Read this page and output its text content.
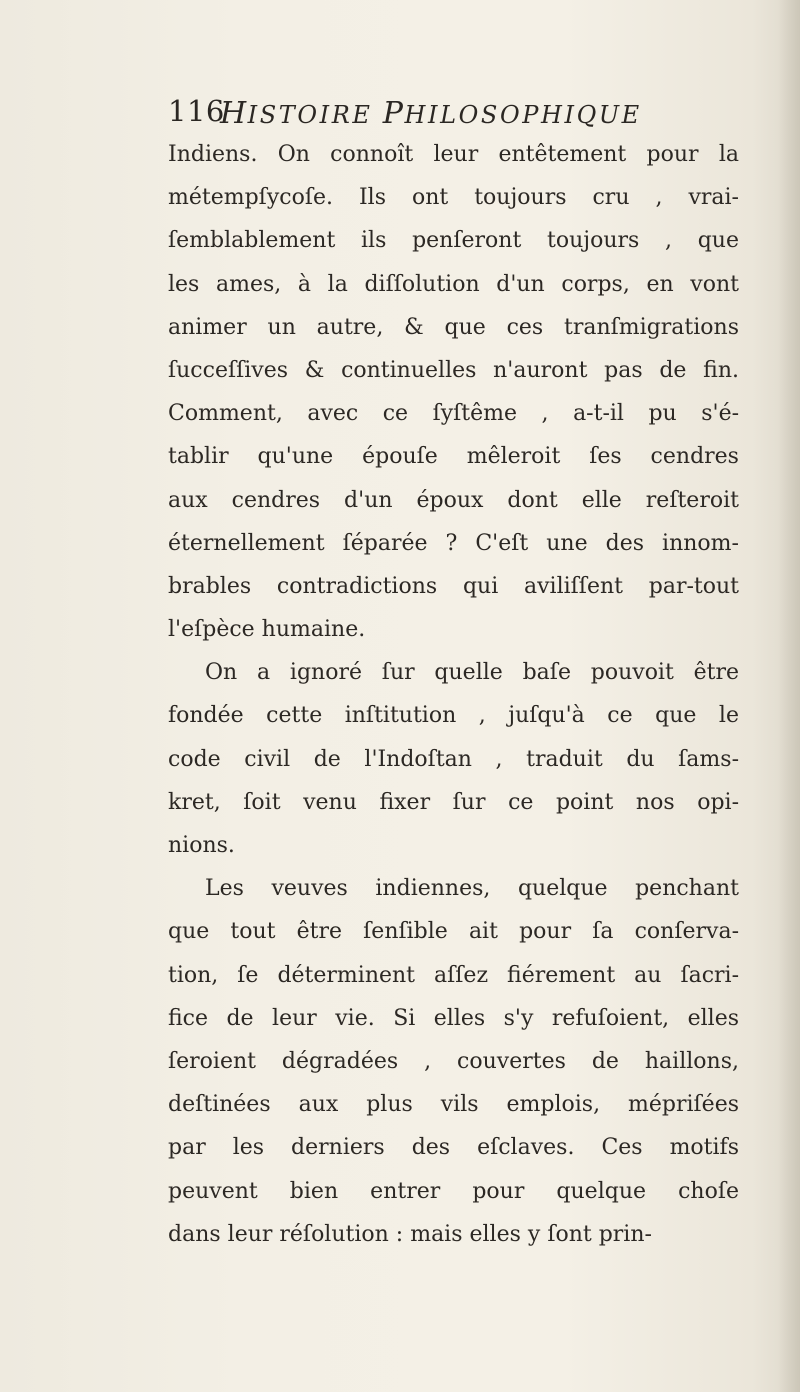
116
HISTOIRE PHILOSOPHIQUE
Indiens. On connoît leur entêtement pour la
métempſycoſe. Ils ont toujours cru , vrai-
ſemblablement ils penſeront toujours , que
les ames, à la diſſolution d'un corps, en vont
animer un autre, & que ces tranſmigrations
ſucceſſives & continuelles n'auront pas de fin.
Comment, avec ce ſyſtême , a-t-il pu s'é-
tablir qu'une épouſe mêleroit ſes cendres
aux cendres d'un époux dont elle reſteroit
éternellement ſéparée ? C'eſt une des innom-
brables contradictions qui aviliſſent par-tout
l'eſpèce humaine.
On a ignoré ſur quelle baſe pouvoit être
fondée cette inſtitution , juſqu'à ce que le
code civil de l'Indoſtan , traduit du ſams-
kret, ſoit venu fixer ſur ce point nos opi-
nions.
Les veuves indiennes, quelque penchant
que tout être ſenſible ait pour ſa conſerva-
tion, ſe déterminent aſſez fiérement au ſacri-
fice de leur vie. Si elles s'y refuſoient, elles
ſeroient dégradées , couvertes de haillons,
deſtinées aux plus vils emplois, mépriſées
par les derniers des eſclaves. Ces motifs
peuvent bien entrer pour quelque choſe
dans leur réſolution : mais elles y ſont prin-
